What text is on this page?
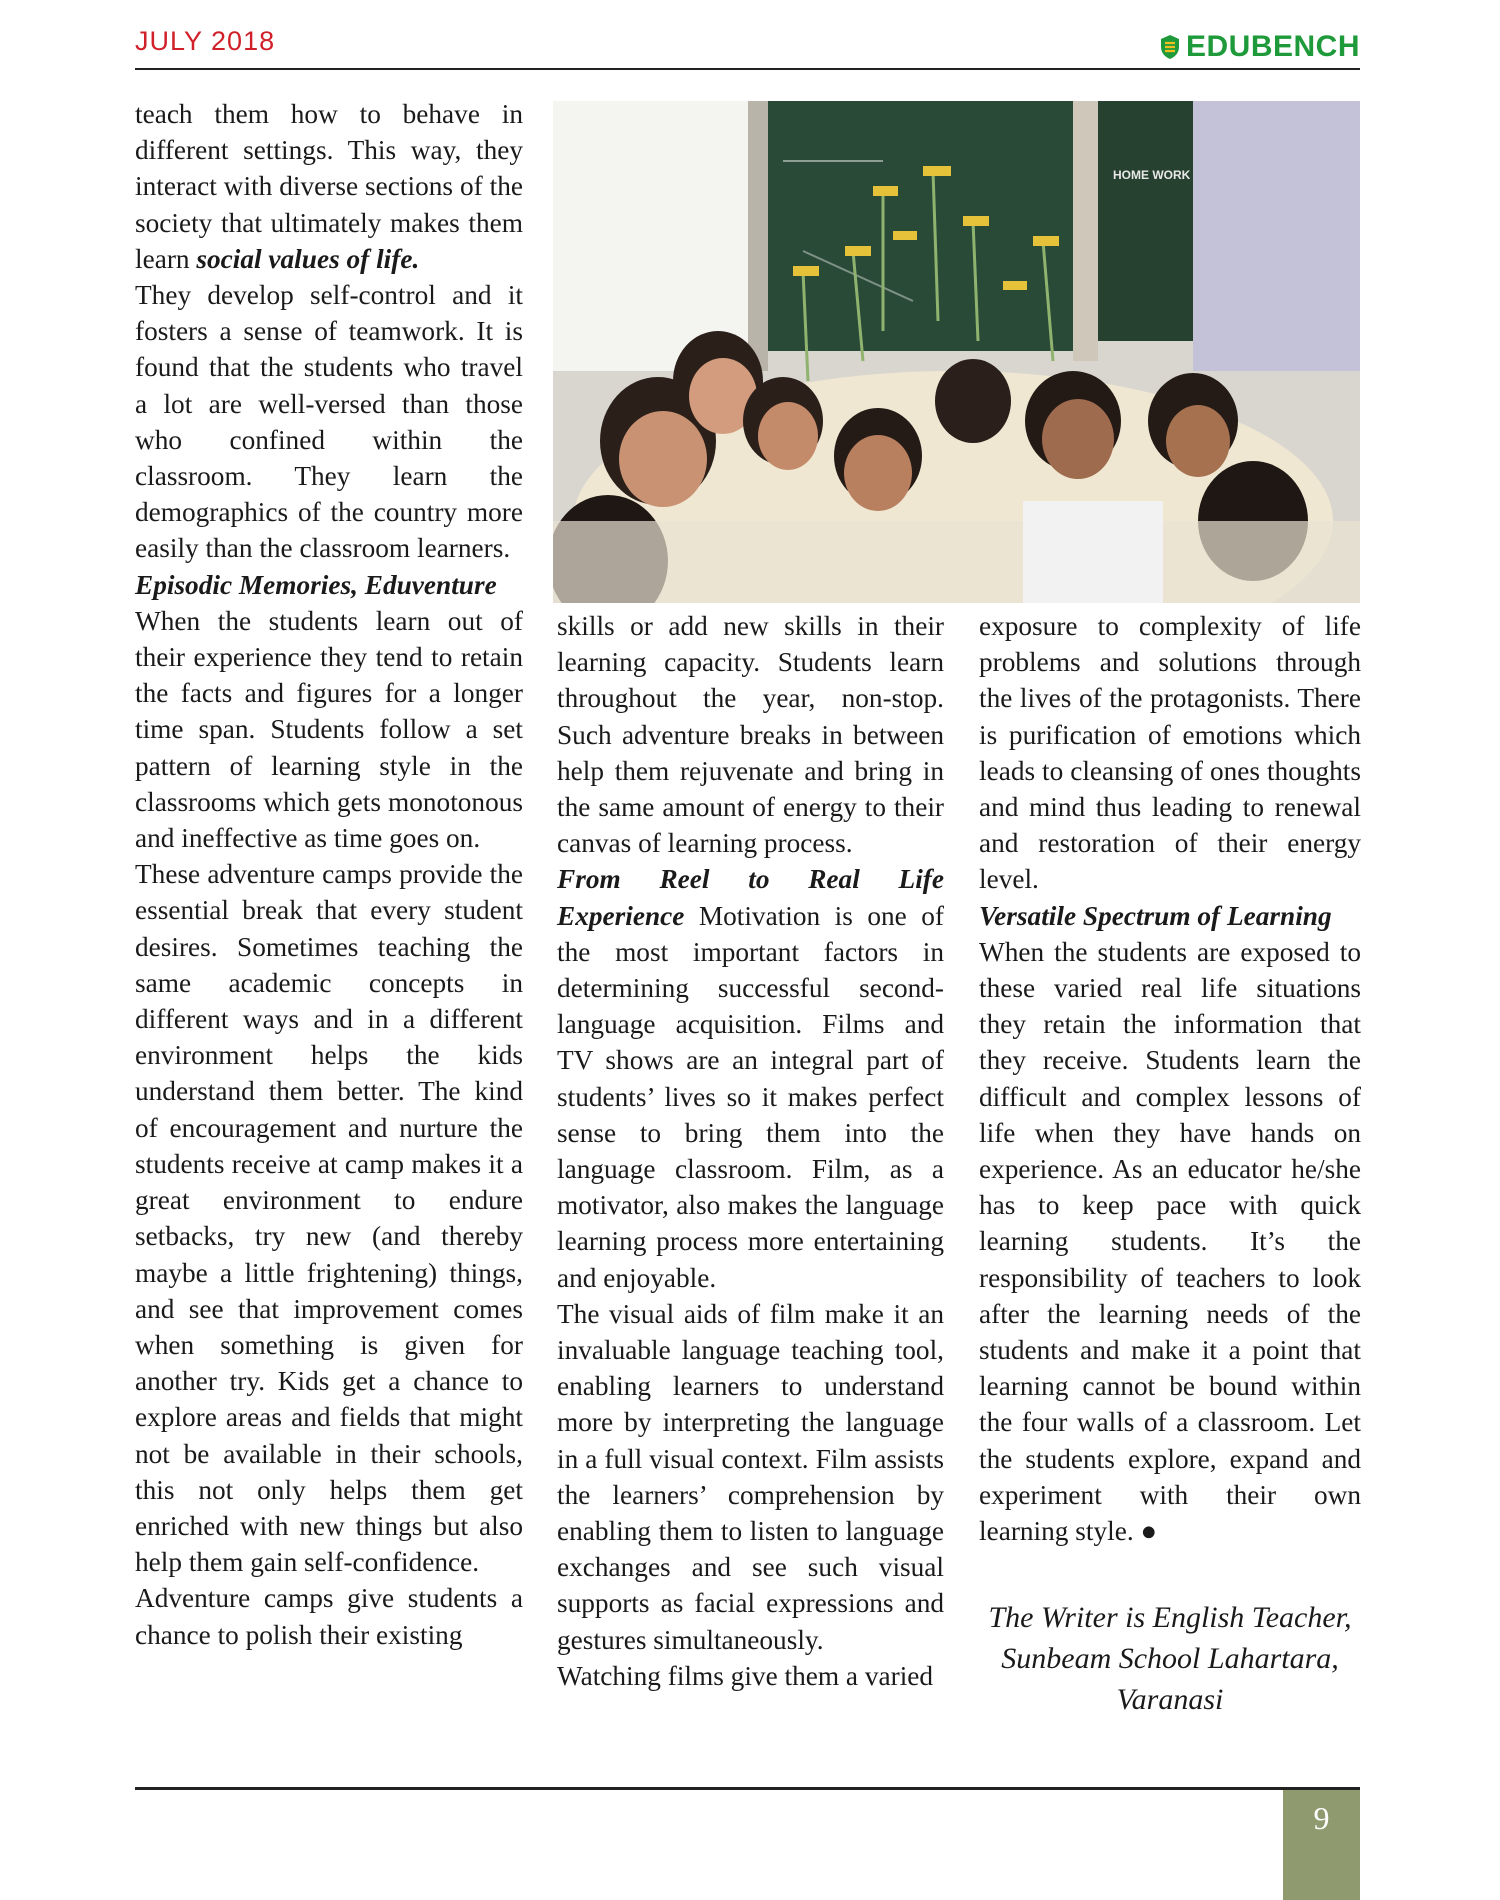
JULY 2018	EDUBENCH

teach them how to behave in different settings. This way, they interact with diverse sections of the society that ultimately makes them learn social values of life.

They develop self-control and it fosters a sense of teamwork. It is found that the students who travel a lot are well-versed than those who confined within the classroom. They learn the demographics of the country more easily than the classroom learners.

Episodic Memories, Eduventure

When the students learn out of their experience they tend to retain the facts and figures for a longer time span. Students follow a set pattern of learning style in the classrooms which gets monotonous and ineffective as time goes on.

These adventure camps provide the essential break that every student desires. Sometimes teaching the same academic concepts in different ways and in a different environment helps the kids understand them better. The kind of encouragement and nurture the students receive at camp makes it a great environment to endure setbacks, try new (and thereby maybe a little frightening) things, and see that improvement comes when something is given for another try. Kids get a chance to explore areas and fields that might not be available in their schools, this not only helps them get enriched with new things but also help them gain self-confidence.

Adventure camps give students a chance to polish their existing

HOME WORK

skills or add new skills in their learning capacity. Students learn throughout the year, non-stop. Such adventure breaks in between help them rejuvenate and bring in the same amount of energy to their canvas of learning process.

From Reel to Real Life Experience Motivation is one of the most important factors in determining successful second-language acquisition. Films and TV shows are an integral part of students’ lives so it makes perfect sense to bring them into the language classroom. Film, as a motivator, also makes the language learning process more entertaining and enjoyable.

The visual aids of film make it an invaluable language teaching tool, enabling learners to understand more by interpreting the language in a full visual context. Film assists the learners’ comprehension by enabling them to listen to language exchanges and see such visual supports as facial expressions and gestures simultaneously.

Watching films give them a varied

exposure to complexity of life problems and solutions through the lives of the protagonists. There is purification of emotions which leads to cleansing of ones thoughts and mind thus leading to renewal and restoration of their energy level.

Versatile Spectrum of Learning

When the students are exposed to these varied real life situations they retain the information that they receive. Students learn the difficult and complex lessons of life when they have hands on experience. As an educator he/she has to keep pace with quick learning students. It’s the responsibility of teachers to look after the learning needs of the students and make it a point that learning cannot be bound within the four walls of a classroom. Let the students explore, expand and experiment with their own learning style. ●

The Writer is English Teacher,
Sunbeam School Lahartara,
Varanasi
9
